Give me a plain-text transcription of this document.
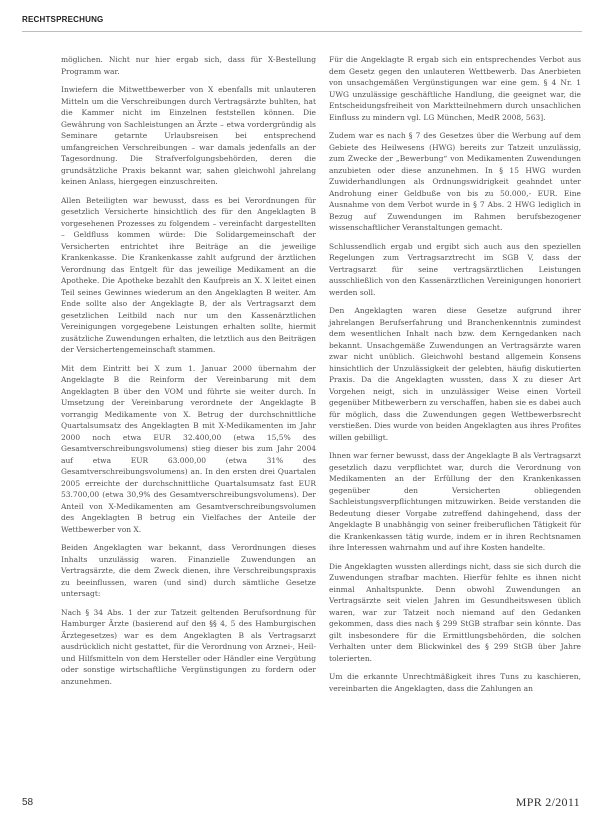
RECHTSPRECHUNG

möglichen. Nicht nur hier ergab sich, dass für X-Bestellung Programm war.

Inwiefern die Mitwettbewerber von X ebenfalls mit unlauteren Mitteln um die Verschreibungen durch Vertragsärzte buhlten, hat die Kammer nicht im Einzelnen feststellen können. Die Gewährung von Sachleistungen an Ärzte – etwa vordergründig als Seminare getarnte Urlaubsreisen bei entsprechend umfangreichen Verschreibungen – war damals jedenfalls an der Tagesordnung. Die Strafverfolgungsbehörden, deren die grundsätzliche Praxis bekannt war, sahen gleichwohl jahrelang keinen Anlass, hiergegen einzuschreiten.

Allen Beteiligten war bewusst, dass es bei Verordnungen für gesetzlich Versicherte hinsichtlich des für den Angeklagten B vorgesehenen Prozesses zu folgendem – vereinfacht dargestellten – Geldfluss kommen würde: Die Solidargemeinschaft der Versicherten entrichtet ihre Beiträge an die jeweilige Krankenkasse. Die Krankenkasse zahlt aufgrund der ärztlichen Verordnung das Entgelt für das jeweilige Medikament an die Apotheke. Die Apotheke bezahlt den Kaufpreis an X. X leitet einen Teil seines Gewinnes wiederum an den Angeklagten B weiter. Am Ende sollte also der Angeklagte B, der als Vertragsarzt dem gesetzlichen Leitbild nach nur um den Kassenärztlichen Vereinigungen vorgegebene Leistungen erhalten sollte, hiermit zusätzliche Zuwendungen erhalten, die letztlich aus den Beiträgen der Versichertengemeinschaft stammen.

Mit dem Eintritt bei X zum 1. Januar 2000 übernahm der Angeklagte B die Reinform der Vereinbarung mit dem Angeklagten B über den VOM und führte sie weiter durch. In Umsetzung der Vereinbarung verordnete der Angeklagte B vorrangig Medikamente von X. Betrug der durchschnittliche Quartalsumsatz des Angeklagten B mit X-Medikamenten im Jahr 2000 noch etwa EUR 32.400,00 (etwa 15,5% des Gesamtverschreibungsvolumens) stieg dieser bis zum Jahr 2004 auf etwa EUR 63.000,00 (etwa 31% des Gesamtverschreibungsvolumens) an. In den ersten drei Quartalen 2005 erreichte der durchschnittliche Quartalsumsatz fast EUR 53.700,00 (etwa 30,9% des Gesamtverschreibungsvolumens). Der Anteil von X-Medikamenten am Gesamtverschreibungsvolumen des Angeklagten B betrug ein Vielfaches der Anteile der Wettbewerber von X.

Beiden Angeklagten war bekannt, dass Verordnungen dieses Inhalts unzulässig waren. Finanzielle Zuwendungen an Vertragsärzte, die dem Zweck dienen, ihre Verschreibungspraxis zu beeinflussen, waren (und sind) durch sämtliche Gesetze untersagt:

Nach § 34 Abs. 1 der zur Tatzeit geltenden Berufsordnung für Hamburger Ärzte (basierend auf den §§ 4, 5 des Hamburgischen Ärztegesetzes) war es dem Angeklagten B als Vertragsarzt ausdrücklich nicht gestattet, für die Verordnung von Arznei-, Heil- und Hilfsmitteln von dem Hersteller oder Händler eine Vergütung oder sonstige wirtschaftliche Vergünstigungen zu fordern oder anzunehmen.

Für die Angeklagte R ergab sich ein entsprechendes Verbot aus dem Gesetz gegen den unlauteren Wettbewerb. Das Anerbieten von unsachgemäßen Vergünstigungen war eine gem. § 4 Nr. 1 UWG unzulässige geschäftliche Handlung, die geeignet war, die Entscheidungsfreiheit von Marktteilnehmern durch unsachlichen Einfluss zu mindern vgl. LG München, MedR 2008, 563].

Zudem war es nach § 7 des Gesetzes über die Werbung auf dem Gebiete des Heilwesens (HWG) bereits zur Tatzeit unzulässig, zum Zwecke der „Bewerbung“ von Medikamenten Zuwendungen anzubieten oder diese anzunehmen. In § 15 HWG wurden Zuwiderhandlungen als Ordnungswidrigkeit geahndet unter Androhung einer Geldbuße von bis zu 50.000,- EUR. Eine Ausnahme von dem Verbot wurde in § 7 Abs. 2 HWG lediglich in Bezug auf Zuwendungen im Rahmen berufsbezogener wissenschaftlicher Veranstaltungen gemacht.

Schlussendlich ergab und ergibt sich auch aus den speziellen Regelungen zum Vertragsarztrecht im SGB V, dass der Vertragsarzt für seine vertragsärztlichen Leistungen ausschließlich von den Kassenärztlichen Vereinigungen honoriert werden soll.

Den Angeklagten waren diese Gesetze aufgrund ihrer jahrelangen Berufserfahrung und Branchenkenntnis zumindest dem wesentlichen Inhalt nach bzw. dem Kerngedanken nach bekannt. Unsachgemäße Zuwendungen an Vertragsärzte waren zwar nicht unüblich. Gleichwohl bestand allgemein Konsens hinsichtlich der Unzulässigkeit der gelebten, häufig diskutierten Praxis. Da die Angeklagten wussten, dass X zu dieser Art Vorgehen neigt, sich in unzulässiger Weise einen Vorteil gegenüber Mitbewerbern zu verschaffen, haben sie es dabei auch für möglich, dass die Zuwendungen gegen Wettbewerbsrecht verstießen. Dies wurde von beiden Angeklagten aus ihres Profites willen gebilligt.

Ihnen war ferner bewusst, dass der Angeklagte B als Vertragsarzt gesetzlich dazu verpflichtet war, durch die Verordnung von Medikamenten an der Erfüllung der den Krankenkassen gegenüber den Versicherten obliegenden Sachleistungsverpflichtungen mitzuwirken. Beide verstanden die Bedeutung dieser Vorgabe zutreffend dahingehend, dass der Angeklagte B unabhängig von seiner freiberuflichen Tätigkeit für die Krankenkassen tätig wurde, indem er in ihren Rechtsnamen ihre Interessen wahrnahm und auf ihre Kosten handelte.

Die Angeklagten wussten allerdings nicht, dass sie sich durch die Zuwendungen strafbar machten. Hierfür fehlte es ihnen nicht einmal Anhaltspunkte. Denn obwohl Zuwendungen an Vertragsärzte seit vielen Jahren im Gesundheitswesen üblich waren, war zur Tatzeit noch niemand auf den Gedanken gekommen, dass dies nach § 299 StGB strafbar sein könnte. Das gilt insbesondere für die Ermittlungsbehörden, die solchen Verhalten unter dem Blickwinkel des § 299 StGB über Jahre tolerierten.

Um die erkannte Unrechtmäßigkeit ihres Tuns zu kaschieren, vereinbarten die Angeklagten, dass die Zahlungen an

58	MPR 2/2011
